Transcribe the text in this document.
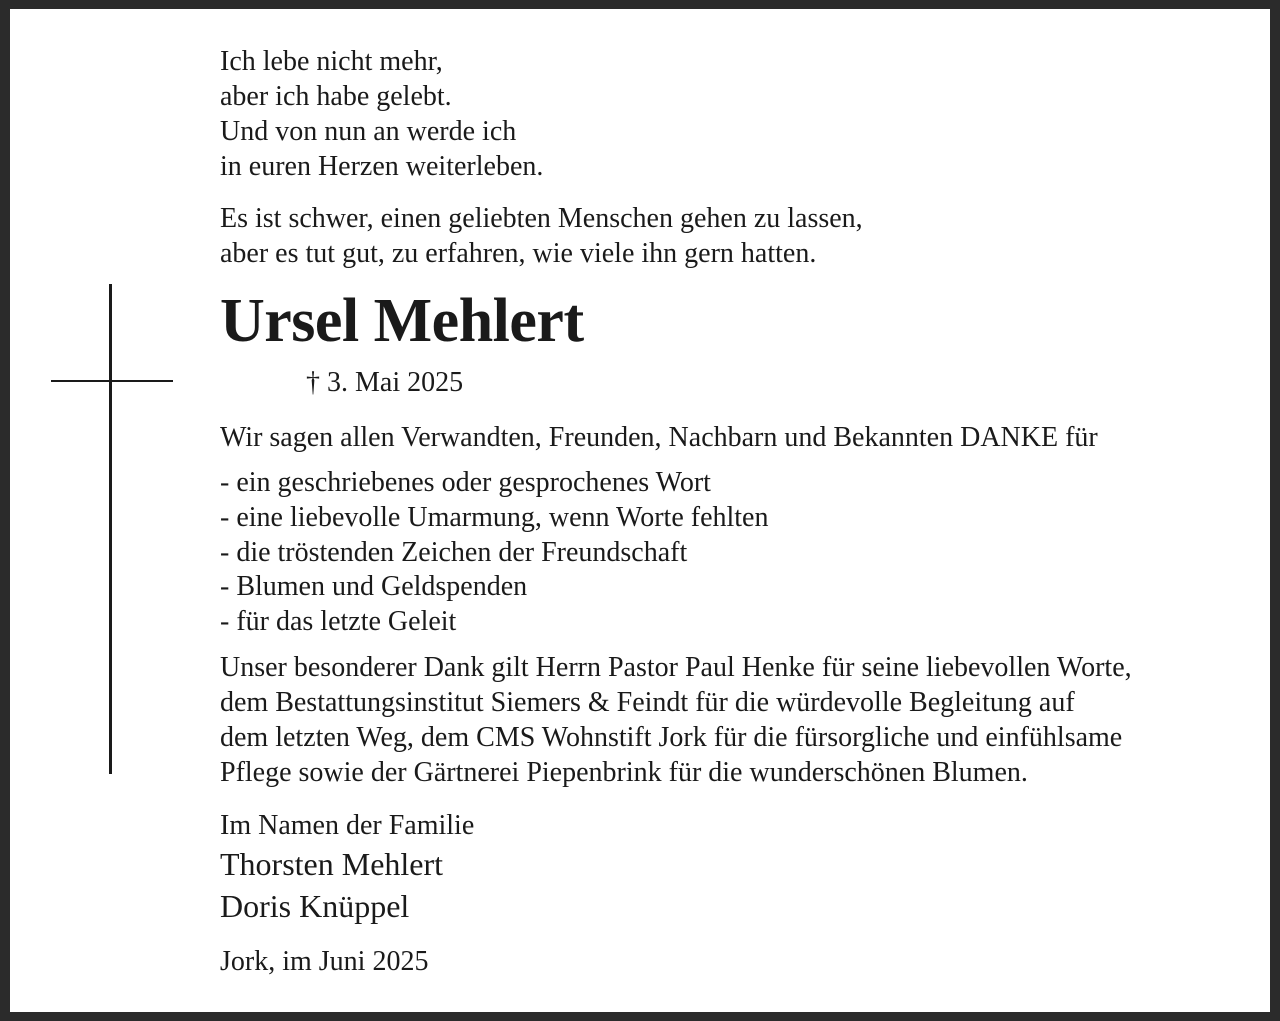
Ich lebe nicht mehr,
aber ich habe gelebt.
Und von nun an werde ich
in euren Herzen weiterleben.
Es ist schwer, einen geliebten Menschen gehen zu lassen,
aber es tut gut, zu erfahren, wie viele ihn gern hatten.
Ursel Mehlert
† 3. Mai 2025
Wir sagen allen Verwandten, Freunden, Nachbarn und Bekannten DANKE für
- ein geschriebenes oder gesprochenes Wort
- eine liebevolle Umarmung, wenn Worte fehlten
- die tröstenden Zeichen der Freundschaft
- Blumen und Geldspenden
- für das letzte Geleit
Unser besonderer Dank gilt Herrn Pastor Paul Henke für seine liebevollen Worte,
dem Bestattungsinstitut Siemers & Feindt für die würdevolle Begleitung auf
dem letzten Weg, dem CMS Wohnstift Jork für die fürsorgliche und einfühlsame
Pflege sowie der Gärtnerei Piepenbrink für die wunderschönen Blumen.
Im Namen der Familie
Thorsten Mehlert
Doris Knüppel
Jork, im Juni 2025
